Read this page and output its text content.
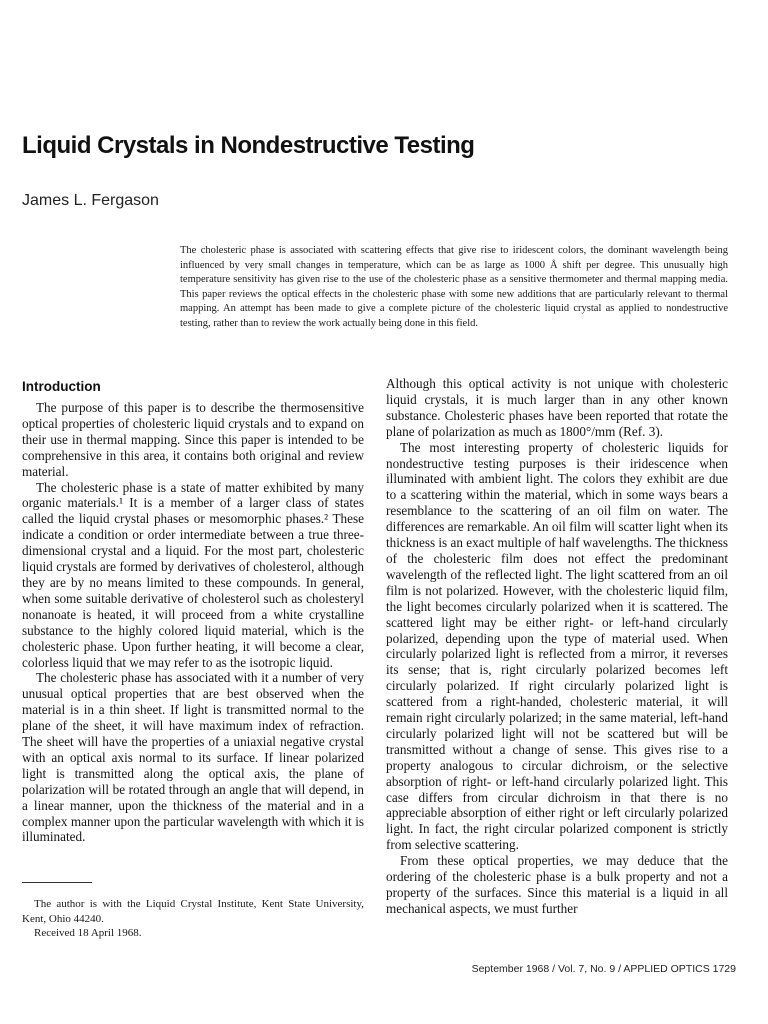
Liquid Crystals in Nondestructive Testing
James L. Fergason

The cholesteric phase is associated with scattering effects that give rise to iridescent colors, the dominant wavelength being influenced by very small changes in temperature, which can be as large as 1000 Å shift per degree. This unusually high temperature sensitivity has given rise to the use of the cholesteric phase as a sensitive thermometer and thermal mapping media. This paper reviews the optical effects in the cholesteric phase with some new additions that are particularly relevant to thermal mapping. An attempt has been made to give a complete picture of the cholesteric liquid crystal as applied to nondestructive testing, rather than to review the work actually being done in this field.

Introduction

The purpose of this paper is to describe the thermosensitive optical properties of cholesteric liquid crystals and to expand on their use in thermal mapping. Since this paper is intended to be comprehensive in this area, it contains both original and review material.

The cholesteric phase is a state of matter exhibited by many organic materials.¹ It is a member of a larger class of states called the liquid crystal phases or mesomorphic phases.² These indicate a condition or order intermediate between a true three-dimensional crystal and a liquid. For the most part, cholesteric liquid crystals are formed by derivatives of cholesterol, although they are by no means limited to these compounds. In general, when some suitable derivative of cholesterol such as cholesteryl nonanoate is heated, it will proceed from a white crystalline substance to the highly colored liquid material, which is the cholesteric phase. Upon further heating, it will become a clear, colorless liquid that we may refer to as the isotropic liquid.

The cholesteric phase has associated with it a number of very unusual optical properties that are best observed when the material is in a thin sheet. If light is transmitted normal to the plane of the sheet, it will have maximum index of refraction. The sheet will have the properties of a uniaxial negative crystal with an optical axis normal to its surface. If linear polarized light is transmitted along the optical axis, the plane of polarization will be rotated through an angle that will depend, in a linear manner, upon the thickness of the material and in a complex manner upon the particular wavelength with which it is illuminated.

Although this optical activity is not unique with cholesteric liquid crystals, it is much larger than in any other known substance. Cholesteric phases have been reported that rotate the plane of polarization as much as 1800°/mm (Ref. 3).

The most interesting property of cholesteric liquids for nondestructive testing purposes is their iridescence when illuminated with ambient light. The colors they exhibit are due to a scattering within the material, which in some ways bears a resemblance to the scattering of an oil film on water. The differences are remarkable. An oil film will scatter light when its thickness is an exact multiple of half wavelengths. The thickness of the cholesteric film does not effect the predominant wavelength of the reflected light. The light scattered from an oil film is not polarized. However, with the cholesteric liquid film, the light becomes circularly polarized when it is scattered. The scattered light may be either right- or left-hand circularly polarized, depending upon the type of material used. When circularly polarized light is reflected from a mirror, it reverses its sense; that is, right circularly polarized becomes left circularly polarized. If right circularly polarized light is scattered from a right-handed, cholesteric material, it will remain right circularly polarized; in the same material, left-hand circularly polarized light will not be scattered but will be transmitted without a change of sense. This gives rise to a property analogous to circular dichroism, or the selective absorption of right- or left-hand circularly polarized light. This case differs from circular dichroism in that there is no appreciable absorption of either right or left circularly polarized light. In fact, the right circular polarized component is strictly from selective scattering.

From these optical properties, we may deduce that the ordering of the cholesteric phase is a bulk property and not a property of the surfaces. Since this material is a liquid in all mechanical aspects, we must further

The author is with the Liquid Crystal Institute, Kent State University, Kent, Ohio 44240.

Received 18 April 1968.

September 1968 / Vol. 7, No. 9 / APPLIED OPTICS 1729
